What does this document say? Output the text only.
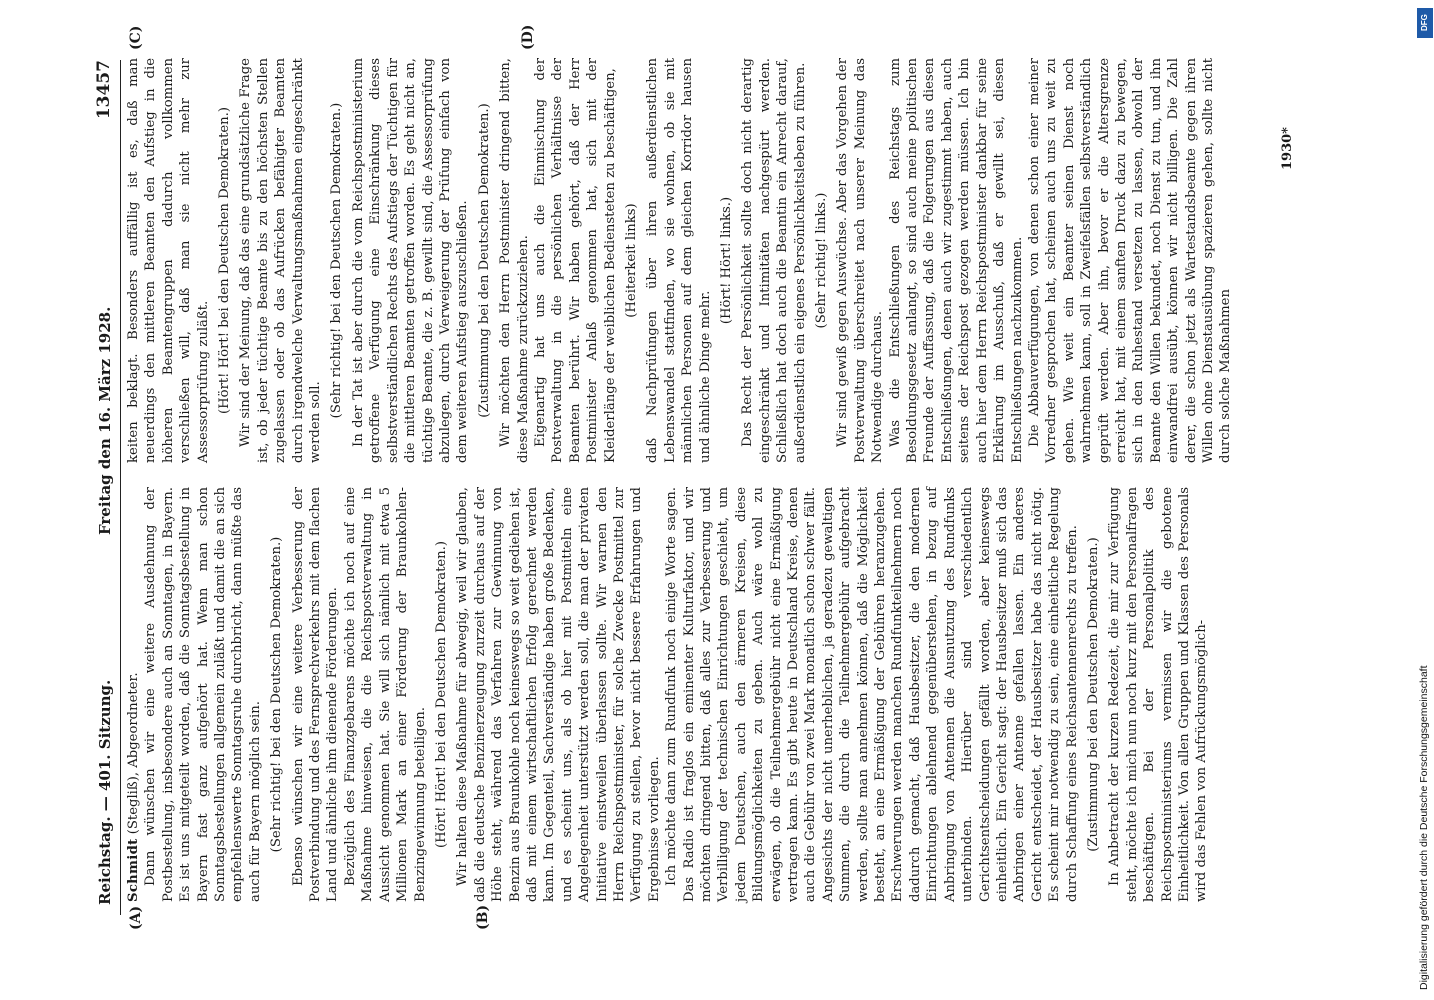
Reichstag. — 401. Sitzung.
Freitag den 16. März 1928.
13457
(A)	(B)
(C)	(D)

Schmidt (Stegliß), Abgeordneter. Dann wünschen wir eine weitere Ausdehnung der Postbestellung, insbesondere auch an Sonntagen, in Bayern. Es ist uns mitgeteilt worden, daß die Sonntagsbestellung in Bayern fast ganz aufgehört hat. Wenn man schon Sonntagsbestellungen allgemein zuläßt und damit die an sich empfehlenswerte Sonntagsruhe durchbricht, dann müßte das auch für Bayern möglich sein. (Sehr richtig! bei den Deutschen Demokraten.) Ebenso wünschen wir eine weitere Verbesserung der Postverbindung und des Fernsprechverkehrs mit dem flachen Land und ähnliche ihm dienende Förderungen. Bezüglich des Finanzgebarens möchte ich noch auf eine Maßnahme hinweisen, die die Reichspostverwaltung in Aussicht genommen hat. Sie will sich nämlich mit etwa 5 Millionen Mark an einer Förderung der Braunkohlen-Benzingewinnung beteiligen. (Hört! Hört! bei den Deutschen Demokraten.) Wir halten diese Maßnahme für abwegig, weil wir glauben, daß die deutsche Benzinerzeugung zurzeit durchaus auf der Höhe steht, während das Verfahren zur Gewinnung von Benzin aus Braunkohle noch keineswegs so weit gediehen ist, daß mit einem wirtschaftlichen Erfolg gerechnet werden kann. Im Gegenteil, Sachverständige haben große Bedenken, und es scheint uns, als ob hier mit Postmitteln eine Angelegenheit unterstützt werden soll, die man der privaten Initiative einstweilen überlassen sollte. Wir warnen den Herrn Reichspostminister, für solche Zwecke Postmittel zur Verfügung zu stellen, bevor nicht bessere Erfahrungen und Ergebnisse vorliegen. Ich möchte dann zum Rundfunk noch einige Worte sagen. Das Radio ist fraglos ein eminenter Kulturfaktor, und wir möchten dringend bitten, daß alles zur Verbesserung und Verbilligung der technischen Einrichtungen geschieht, um jedem Deutschen, auch den ärmeren Kreisen, diese Bildungsmöglichkeiten zu geben. Auch wäre wohl zu erwägen, ob die Teilnehmergebühr nicht eine Ermäßigung vertragen kann. Es gibt heute in Deutschland Kreise, denen auch die Gebühr von zwei Mark monatlich schon schwer fällt. Angesichts der nicht unerheblichen, ja geradezu gewaltigen Summen, die durch die Teilnehmergebühr aufgebracht werden, sollte man annehmen können, daß die Möglichkeit besteht, an eine Ermäßigung der Gebühren heranzugehen. Erschwerungen werden manchen Rundfunkteilnehmern noch dadurch gemacht, daß Hausbesitzer, die den modernen Einrichtungen ablehnend gegenüberstehen, in bezug auf Anbringung von Antennen die Ausnutzung des Rundfunks unterbinden. Hierüber sind verschiedentlich Gerichtsentscheidungen gefällt worden, aber keineswegs einheitlich. Ein Gericht sagt: der Hausbesitzer muß sich das Anbringen einer Antenne gefallen lassen. Ein anderes Gericht entscheidet, der Hausbesitzer habe das nicht nötig. Es scheint mir notwendig zu sein, eine einheitliche Regelung durch Schaffung eines Reichsantennenrechts zu treffen. (Zustimmung bei den Deutschen Demokraten.) In Anbetracht der kurzen Redezeit, die mir zur Verfügung steht, möchte ich mich nun noch kurz mit den Personalfragen beschäftigen. Bei der Personalpolitik des Reichspostministeriums vermissen wir die gebotene Einheitlichkeit. Von allen Gruppen und Klassen des Personals wird das Fehlen von Aufrückungsmöglich-

keiten beklagt. Besonders auffällig ist es, daß man neuerdings den mittleren Beamten den Aufstieg in die höheren Beamtengruppen dadurch vollkommen verschließen will, daß man sie nicht mehr zur Assessorprüfung zuläßt. (Hört! Hört! bei den Deutschen Demokraten.) Wir sind der Meinung, daß das eine grundsätzliche Frage ist, ob jeder tüchtige Beamte bis zu den höchsten Stellen zugelassen oder ob das Aufrücken befähigter Beamten durch irgendwelche Verwaltungsmaßnahmen eingeschränkt werden soll.

(Sehr richtig! bei den Deutschen Demokraten.) In der Tat ist aber durch die vom Reichspostministerium getroffene Verfügung eine Einschränkung dieses selbstverständlichen Rechts des Aufstiegs der Tüchtigen für die mittleren Beamten getroffen worden. Es geht nicht an, tüchtige Beamte, die z. B. gewillt sind, die Assessorprüfung abzulegen, durch Verweigerung der Prüfung einfach von dem weiteren Aufstieg auszuschließen. (Zustimmung bei den Deutschen Demokraten.) Wir möchten den Herrn Postminister dringend bitten, diese Maßnahme zurückzuziehen. Eigenartig hat uns auch die Einmischung der Postverwaltung in die persönlichen Verhältnisse der Beamten berührt. Wir haben gehört, daß der Herr Postminister Anlaß genommen hat, sich mit der Kleiderlänge der weiblichen Bediensteten zu beschäftigen, (Heiterkeit links) daß Nachprüfungen über ihren außerdienstlichen Lebenswandel stattfinden, wo sie wohnen, ob sie mit männlichen Personen auf dem gleichen Korridor hausen und ähnliche Dinge mehr.

(Hört! Hört! links.) Das Recht der Persönlichkeit sollte doch nicht derartig eingeschränkt und Intimitäten nachgespürt werden. Schließlich hat doch auch die Beamtin ein Anrecht darauf, außerdienstlich ein eigenes Persönlichkeitsleben zu führen. (Sehr richtig! links.) Wir sind gewiß gegen Auswüchse. Aber das Vorgehen der Postverwaltung überschreitet nach unserer Meinung das Notwendige durchaus. Was die Entschließungen des Reichstags zum Besoldungsgesetz anlangt, so sind auch meine politischen Freunde der Auffassung, daß die Folgerungen aus diesen Entschließungen, denen auch wir zugestimmt haben, auch seitens der Reichspost gezogen werden müssen. Ich bin auch hier dem Herrn Reichspostminister dankbar für seine Erklärung im Ausschuß, daß er gewillt sei, diesen Entschließungen nachzukommen. Die Abbauverfügungen, von denen schon einer meiner Vorredner gesprochen hat, scheinen auch uns zu weit zu gehen. Wie weit ein Beamter seinen Dienst noch wahrnehmen kann, soll in Zweifelsfällen selbstverständlich geprüft werden. Aber ihn, bevor er die Altersgrenze erreicht hat, mit einem sanften Druck dazu zu bewegen, sich in den Ruhestand versetzen zu lassen, obwohl der Beamte den Willen bekundet, noch Dienst zu tun, und ihn einwandfrei ausübt, können wir nicht billigen. Die Zahl derer, die schon jetzt als Wartestandsbeamte gegen ihren Willen ohne Dienstausübung spazieren gehen, sollte nicht durch solche Maßnahmen

1930*
DFG
Digitalisierung gefördert durch die Deutsche Forschungsgemeinschaft
